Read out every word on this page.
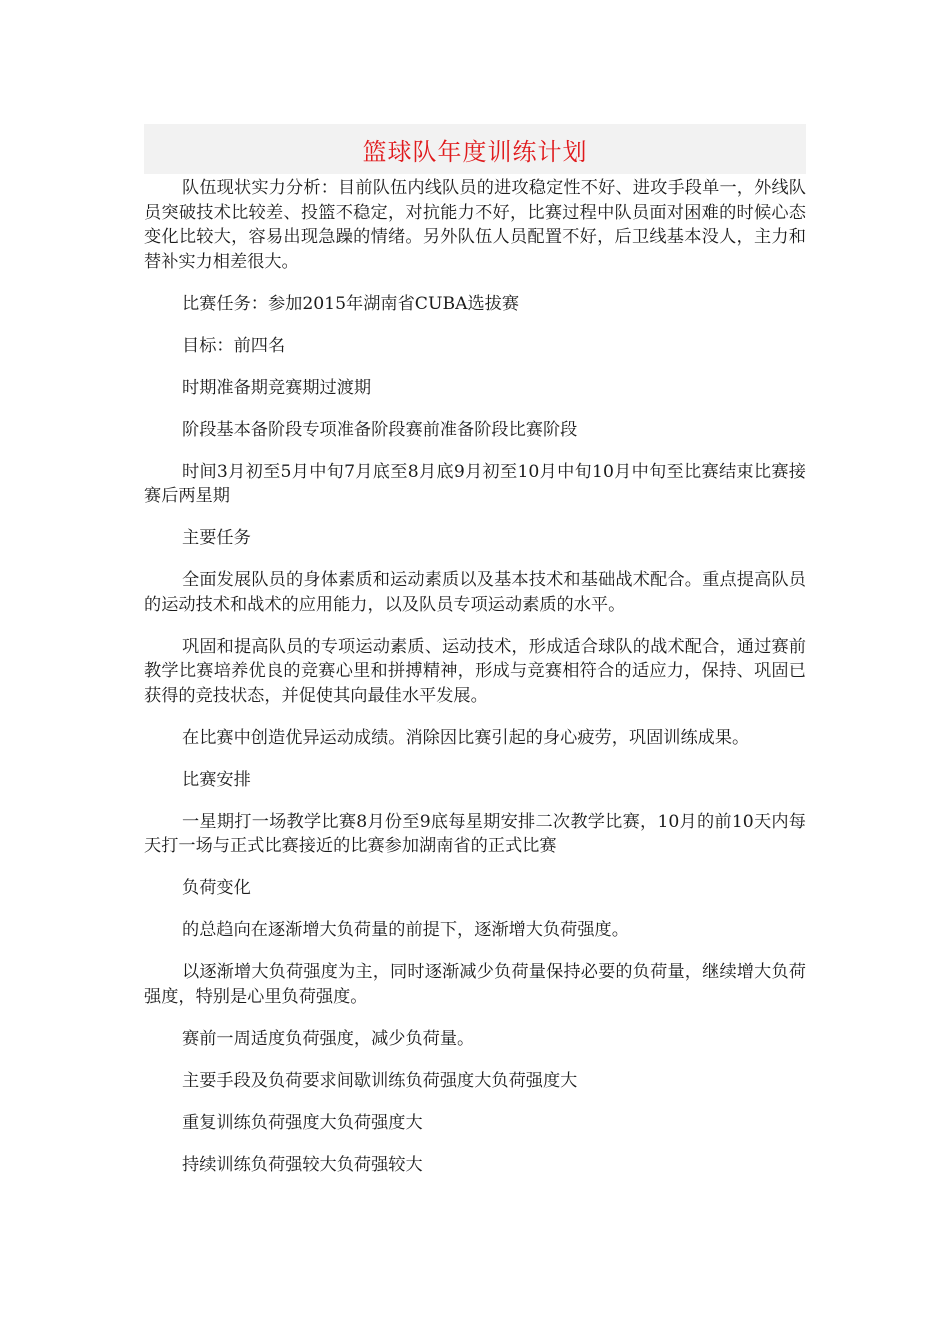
篮球队年度训练计划

队伍现状实力分析：目前队伍内线队员的进攻稳定性不好、进攻手段单一，外线队员突破技术比较差、投篮不稳定，对抗能力不好，比赛过程中队员面对困难的时候心态变化比较大，容易出现急躁的情绪。另外队伍人员配置不好，后卫线基本没人，主力和替补实力相差很大。

比赛任务：参加2015年湖南省CUBA选拔赛

目标：前四名

时期准备期竞赛期过渡期

阶段基本备阶段专项准备阶段赛前准备阶段比赛阶段

时间3月初至5月中旬7月底至8月底9月初至10月中旬10月中旬至比赛结束比赛接赛后两星期

主要任务

全面发展队员的身体素质和运动素质以及基本技术和基础战术配合。重点提高队员的运动技术和战术的应用能力，以及队员专项运动素质的水平。

巩固和提高队员的专项运动素质、运动技术，形成适合球队的战术配合，通过赛前教学比赛培养优良的竞赛心里和拼搏精神，形成与竞赛相符合的适应力，保持、巩固已获得的竞技状态，并促使其向最佳水平发展。

在比赛中创造优异运动成绩。消除因比赛引起的身心疲劳，巩固训练成果。

比赛安排

一星期打一场教学比赛8月份至9底每星期安排二次教学比赛，10月的前10天内每天打一场与正式比赛接近的比赛参加湖南省的正式比赛

负荷变化

的总趋向在逐渐增大负荷量的前提下，逐渐增大负荷强度。

以逐渐增大负荷强度为主，同时逐渐减少负荷量保持必要的负荷量，继续增大负荷强度，特别是心里负荷强度。

赛前一周适度负荷强度，减少负荷量。

主要手段及负荷要求间歇训练负荷强度大负荷强度大

重复训练负荷强度大负荷强度大

持续训练负荷强较大负荷强较大
